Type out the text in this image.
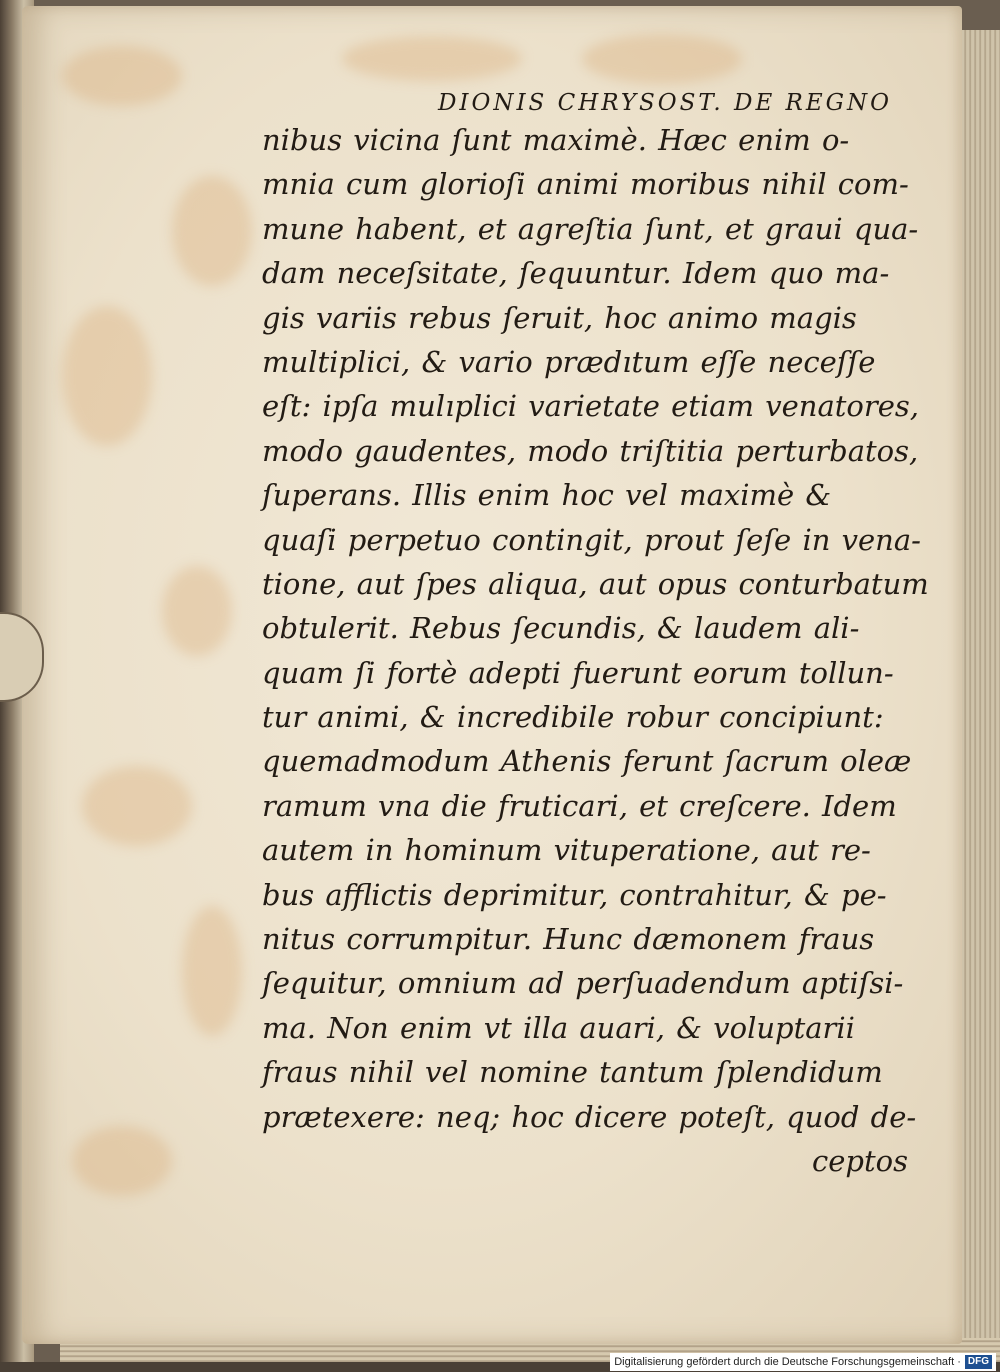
DIONIS CHRYSOST. DE REGNO
nibus vicina ſunt maximè. Hæc enim o-
mnia cum glorioſi animi moribus nihil com-
mune habent, et agreſtia ſunt, et graui qua-
dam neceſsitate, ſequuntur. Idem quo ma-
gis variis rebus ſeruit, hoc animo magis
multiplici, & vario prædıtum eſſe neceſſe
eſt: ipſa mulıplici varietate etiam venatores,
modo gaudentes, modo triſtitia perturbatos,
ſuperans. Illis enim hoc vel maximè &
quaſi perpetuo contingit, prout ſeſe in vena-
tione, aut ſpes aliqua, aut opus conturbatum
obtulerit. Rebus ſecundis, & laudem ali-
quam ſi fortè adepti fuerunt eorum tollun-
tur animi, & incredibile robur concipiunt:
quemadmodum Athenis ferunt ſacrum oleæ
ramum vna die fruticari, et creſcere. Idem
autem in hominum vituperatione, aut re-
bus afflictis deprimitur, contrahitur, & pe-
nitus corrumpitur. Hunc dæmonem fraus
ſequitur, omnium ad perſuadendum aptiſsi-
ma. Non enim vt illa auari, & voluptarii
fraus nihil vel nomine tantum ſplendidum
prætexere: neq; hoc dicere poteſt, quod de-
ceptos
Digitalisierung gefördert durch die Deutsche Forschungsgemeinschaft · DFG
